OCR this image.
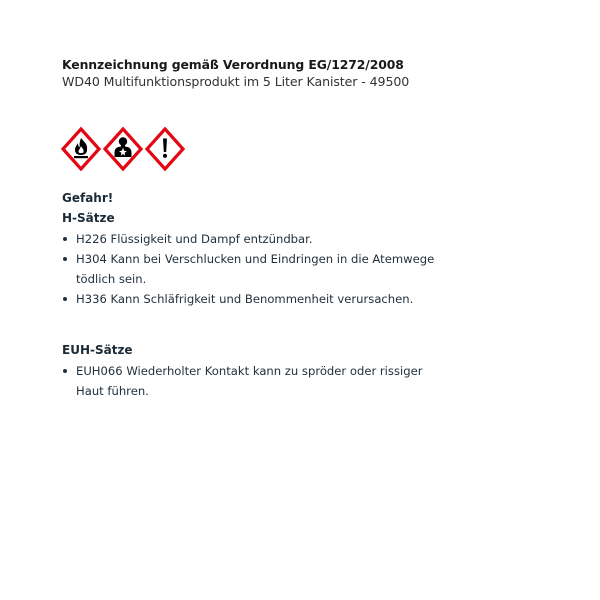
Kennzeichnung gemäß Verordnung EG/1272/2008
WD40 Multifunktionsprodukt im 5 Liter Kanister - 49500
Gefahr!
H-Sätze
H226 Flüssigkeit und Dampf entzündbar.
H304 Kann bei Verschlucken und Eindringen in die Atemwege tödlich sein.
H336 Kann Schläfrigkeit und Benommenheit verursachen.
EUH-Sätze
EUH066 Wiederholter Kontakt kann zu spröder oder rissiger Haut führen.
